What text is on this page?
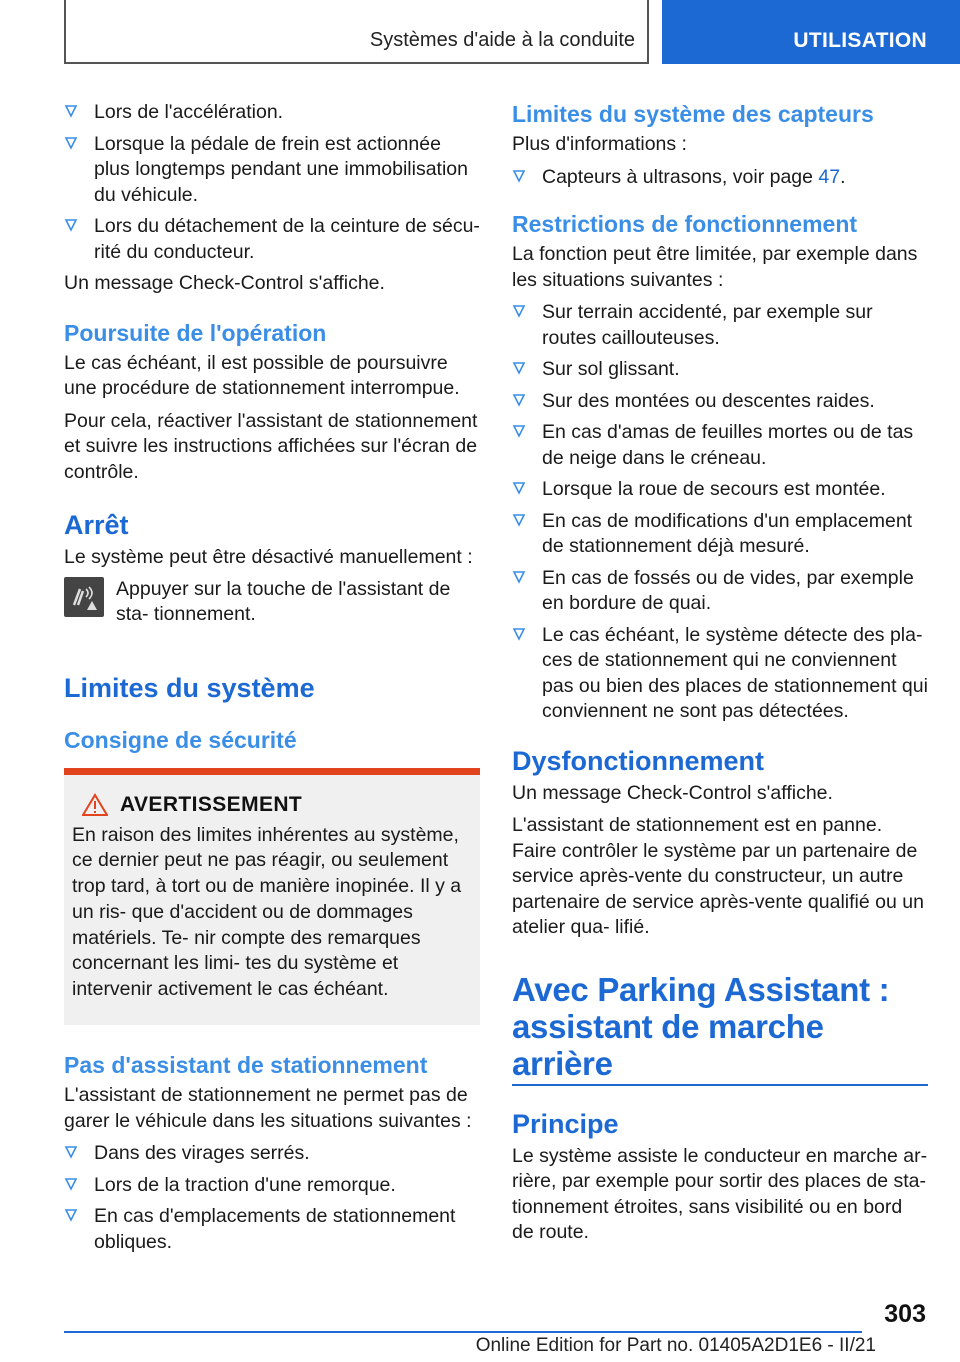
Systèmes d'aide à la conduite	UTILISATION
Lors de l'accélération.
Lorsque la pédale de frein est actionnée plus longtemps pendant une immobilisation du véhicule.
Lors du détachement de la ceinture de sécu‐ rité du conducteur.

Un message Check-Control s'affiche.

Poursuite de l'opération

Le cas échéant, il est possible de poursuivre une procédure de stationnement interrompue.

Pour cela, réactiver l'assistant de stationnement et suivre les instructions affichées sur l'écran de contrôle.

Arrêt

Le système peut être désactivé manuellement :

Appuyer sur la touche de l'assistant de sta‐ tionnement.

Limites du système
Consigne de sécurité
AVERTISSEMENT

En raison des limites inhérentes au système, ce dernier peut ne pas réagir, ou seulement trop tard, à tort ou de manière inopinée. Il y a un ris‐ que d'accident ou de dommages matériels. Te‐ nir compte des remarques concernant les limi‐ tes du système et intervenir activement le cas échéant.

Pas d'assistant de stationnement

L'assistant de stationnement ne permet pas de garer le véhicule dans les situations suivantes :

Dans des virages serrés.
Lors de la traction d'une remorque.
En cas d'emplacements de stationnement obliques.
Limites du système des capteurs

Plus d'informations :

Capteurs à ultrasons, voir page 47.
Restrictions de fonctionnement

La fonction peut être limitée, par exemple dans les situations suivantes :

Sur terrain accidenté, par exemple sur routes caillouteuses.
Sur sol glissant.
Sur des montées ou descentes raides.
En cas d'amas de feuilles mortes ou de tas de neige dans le créneau.
Lorsque la roue de secours est montée.
En cas de modifications d'un emplacement de stationnement déjà mesuré.
En cas de fossés ou de vides, par exemple en bordure de quai.
Le cas échéant, le système détecte des pla‐ ces de stationnement qui ne conviennent pas ou bien des places de stationnement qui conviennent ne sont pas détectées.
Dysfonctionnement

Un message Check-Control s'affiche.

L'assistant de stationnement est en panne. Faire contrôler le système par un partenaire de service après-vente du constructeur, un autre partenaire de service après-vente qualifié ou un atelier qua‐ lifié.

Avec Parking Assistant : assistant de marche arrière
Principe

Le système assiste le conducteur en marche ar‐ rière, par exemple pour sortir des places de sta‐ tionnement étroites, sans visibilité ou en bord de route.

303
Online Edition for Part no. 01405A2D1E6 - II/21
